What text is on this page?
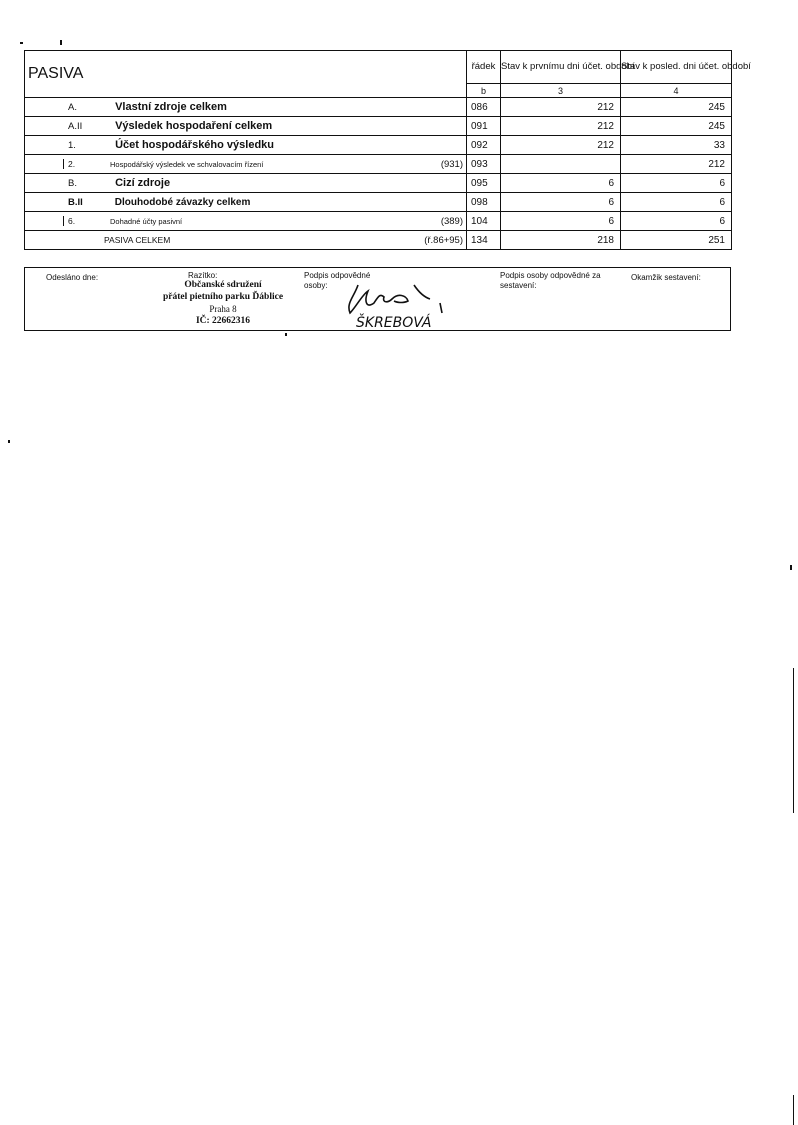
PASIVA	řádek	Stav k prvnímu dni účet. období	Stav k posled. dni účet. období
	b	3	4
A. Vlastní zdroje celkem	086	212	245
A.II Výsledek hospodaření celkem	091	212	245
1. Účet hospodářského výsledku	092	212	33

2. Hospodářský výsledek ve schvalovacím řízení (931)	093		212
B. Cizí zdroje	095	6	6
B.II Dlouhodobé závazky celkem	098	6	6

6. Dohadné účty pasivní (389)	104	6	6

PASIVA CELKEM (ř.86+95)	134	218	251
Odesláno dne:	Razítko:
Občanské sdružení
přátel pietního parku Ďáblice
Praha 8
IČ: 22662316
Podpis odpovědné osoby:
ŠKREBOVÁ
Podpis osoby odpovědné za sestavení:
Okamžik sestavení:
